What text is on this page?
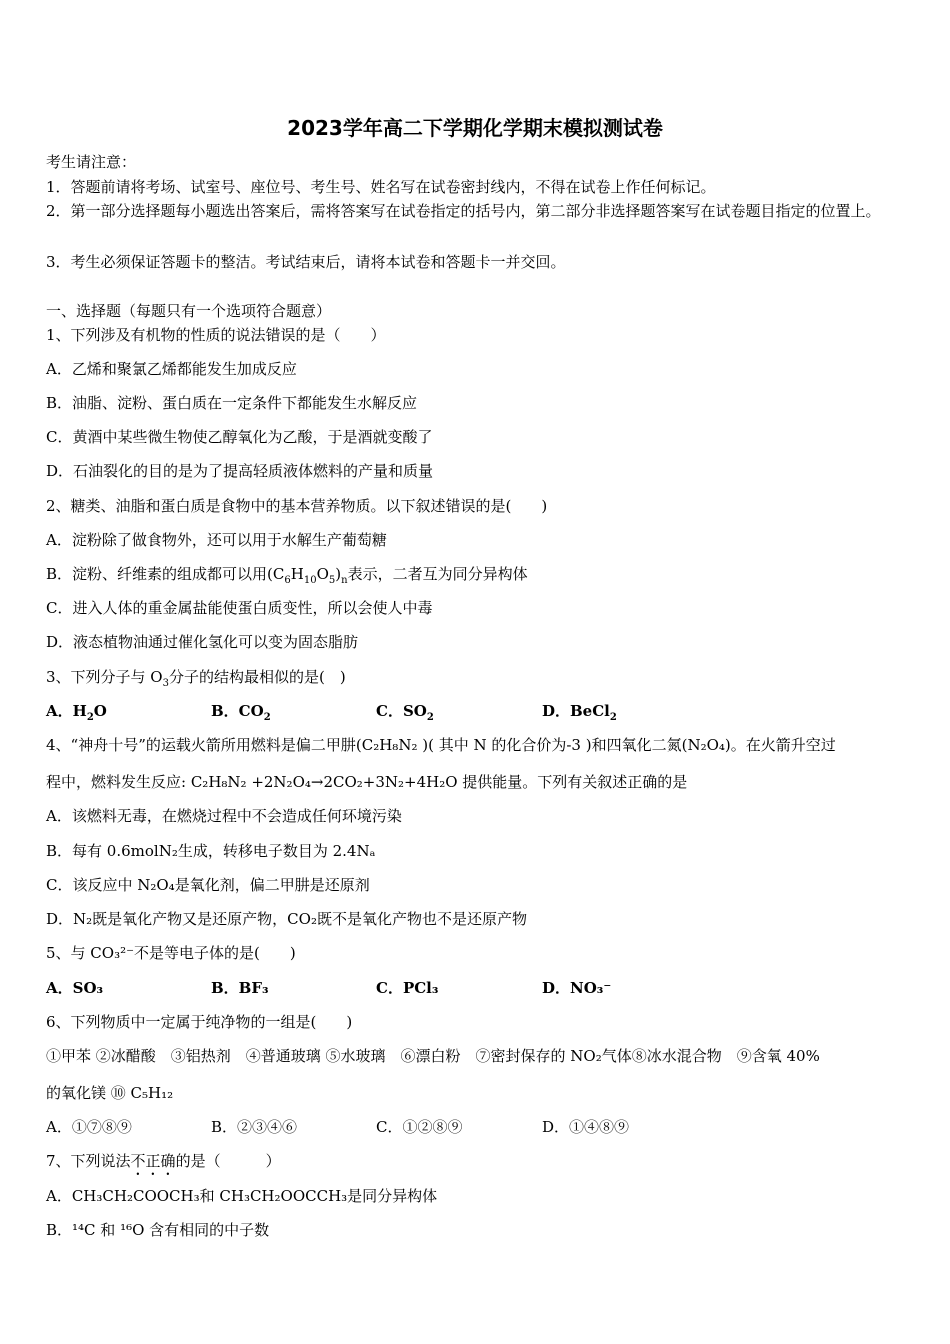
2023学年高二下学期化学期末模拟测试卷
考生请注意：
1．答题前请将考场、试室号、座位号、考生号、姓名写在试卷密封线内，不得在试卷上作任何标记。
2．第一部分选择题每小题选出答案后，需将答案写在试卷指定的括号内，第二部分非选择题答案写在试卷题目指定的位置上。
3．考生必须保证答题卡的整洁。考试结束后，请将本试卷和答题卡一并交回。
一、选择题（每题只有一个选项符合题意）
1、下列涉及有机物的性质的说法错误的是（　　）
A．乙烯和聚氯乙烯都能发生加成反应
B．油脂、淀粉、蛋白质在一定条件下都能发生水解反应
C．黄酒中某些微生物使乙醇氧化为乙酸，于是酒就变酸了
D．石油裂化的目的是为了提高轻质液体燃料的产量和质量
2、糖类、油脂和蛋白质是食物中的基本营养物质。以下叙述错误的是(　　)
A．淀粉除了做食物外，还可以用于水解生产葡萄糖
B．淀粉、纤维素的组成都可以用$(C_6H_{10}O_5)_n$表示，二者互为同分异构体
C．进入人体的重金属盐能使蛋白质变性，所以会使人中毒
D．液态植物油通过催化氢化可以变为固态脂肪
3、下列分子与 $O_3$分子的结构最相似的是(　)
A．$H_2O$	B．$CO_2$	C．$SO_2$	D．BeCl$_2$
4、“神舟十号”的运载火箭所用燃料是偏二甲肼(C₂H₈N₂ )( 其中 N 的化合价为-3 )和四氧化二氮(N₂O₄)。在火箭升空过
程中，燃料发生反应: C₂H₈N₂ +2N₂O₄→2CO₂+3N₂+4H₂O 提供能量。下列有关叙述正确的是
A．该燃料无毒，在燃烧过程中不会造成任何环境污染
B．每有 0.6molN₂生成，转移电子数目为 2.4Nₐ
C．该反应中 N₂O₄是氧化剂，偏二甲肼是还原剂
D．N₂既是氧化产物又是还原产物，CO₂既不是氧化产物也不是还原产物
5、与 CO₃²⁻不是等电子体的是(　　)
A．SO₃	B．BF₃	C．PCl₃	D．NO₃⁻
6、下列物质中一定属于纯净物的一组是(　　)
①甲苯 ②冰醋酸　③铝热剂　④普通玻璃 ⑤水玻璃　⑥漂白粉　⑦密封保存的 NO₂气体⑧冰水混合物　⑨含氧 40%
的氧化镁 ⑩ C₅H₁₂
A．①⑦⑧⑨	B．②③④⑥	C．①②⑧⑨	D．①④⑧⑨
7、下列说法不正确的是（　　　）
A．CH₃CH₂COOCH₃和 CH₃CH₂OOCCH₃是同分异构体
B．¹⁴C 和 ¹⁶O 含有相同的中子数
